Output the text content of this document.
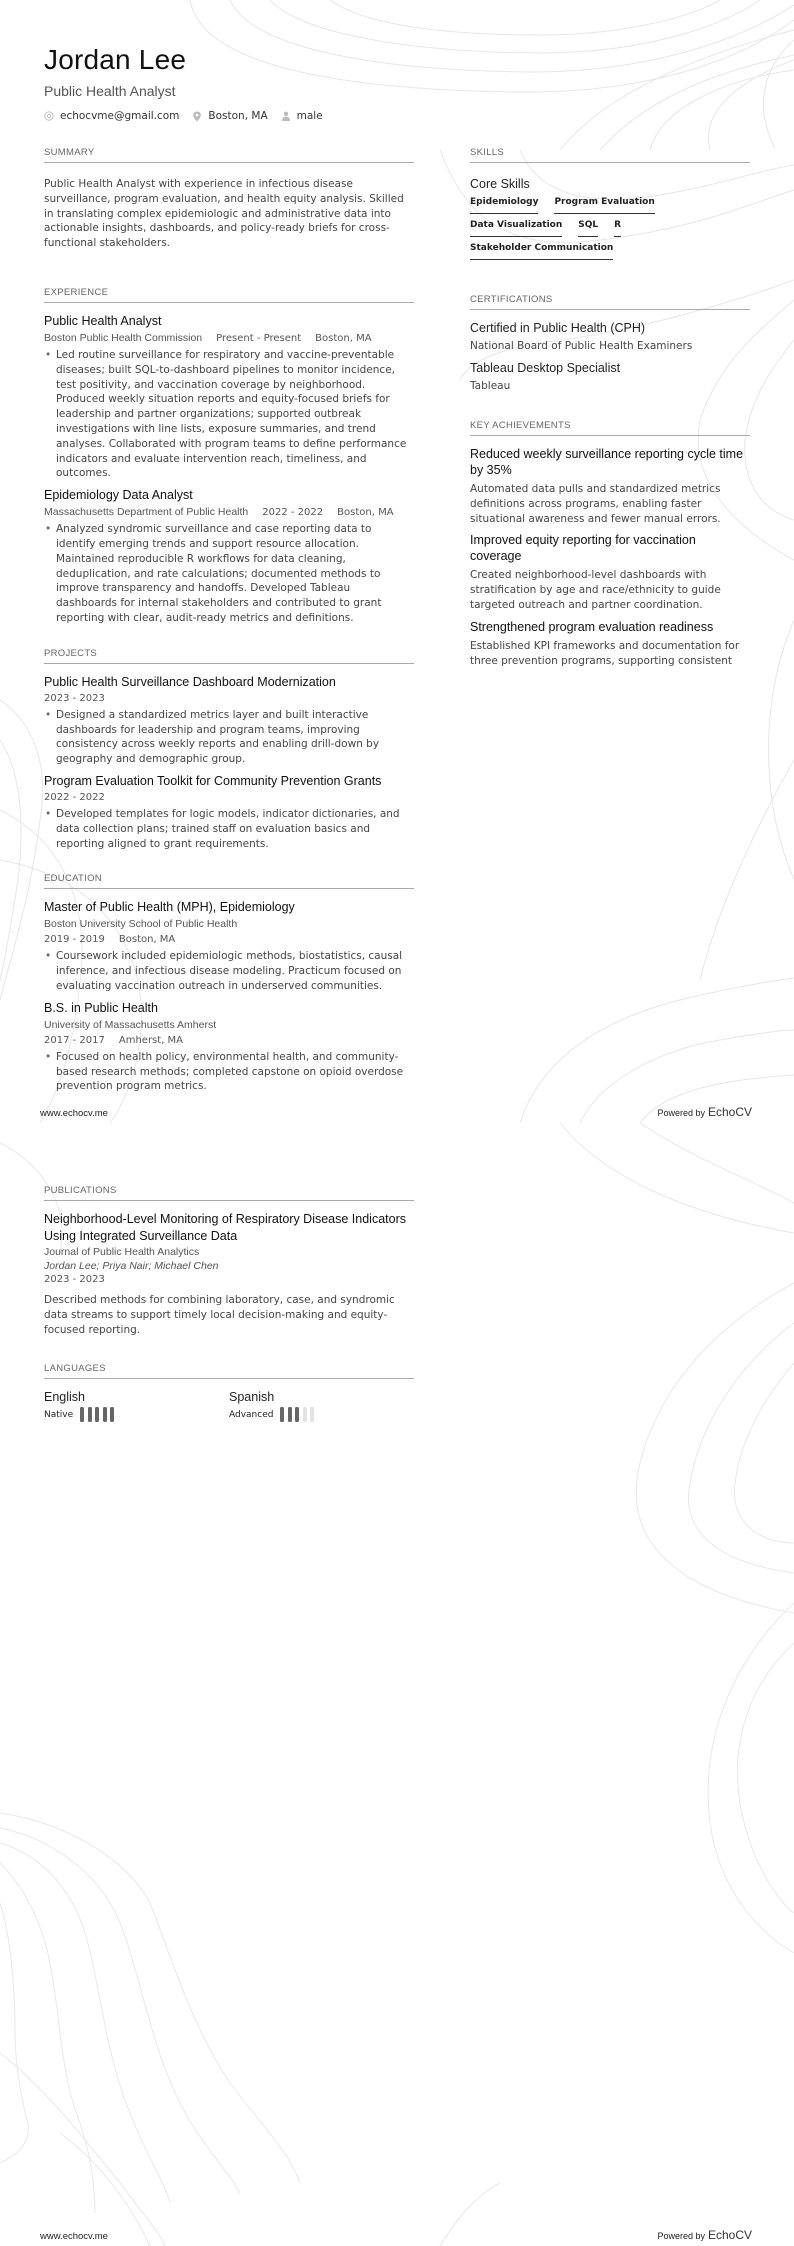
Jordan Lee
Public Health Analyst
echocvme@gmail.com	Boston, MA	male
SUMMARY

Public Health Analyst with experience in infectious disease surveillance, program evaluation, and health equity analysis. Skilled in translating complex epidemiologic and administrative data into actionable insights, dashboards, and policy-ready briefs for cross-functional stakeholders.

EXPERIENCE
Public Health Analyst
Boston Public Health Commission Present - Present Boston, MA
• Led routine surveillance for respiratory and vaccine-preventable diseases; built SQL-to-dashboard pipelines to monitor incidence, test positivity, and vaccination coverage by neighborhood. Produced weekly situation reports and equity-focused briefs for leadership and partner organizations; supported outbreak investigations with line lists, exposure summaries, and trend analyses. Collaborated with program teams to define performance indicators and evaluate intervention reach, timeliness, and outcomes.
Epidemiology Data Analyst
Massachusetts Department of Public Health 2022 - 2022 Boston, MA
• Analyzed syndromic surveillance and case reporting data to identify emerging trends and support resource allocation. Maintained reproducible R workflows for data cleaning, deduplication, and rate calculations; documented methods to improve transparency and handoffs. Developed Tableau dashboards for internal stakeholders and contributed to grant reporting with clear, audit-ready metrics and definitions.
PROJECTS
Public Health Surveillance Dashboard Modernization
2023 - 2023
• Designed a standardized metrics layer and built interactive dashboards for leadership and program teams, improving consistency across weekly reports and enabling drill-down by geography and demographic group.
Program Evaluation Toolkit for Community Prevention Grants
2022 - 2022
• Developed templates for logic models, indicator dictionaries, and data collection plans; trained staff on evaluation basics and reporting aligned to grant requirements.
EDUCATION
Master of Public Health (MPH), Epidemiology
Boston University School of Public Health
2019 - 2019 Boston, MA
• Coursework included epidemiologic methods, biostatistics, causal inference, and infectious disease modeling. Practicum focused on evaluating vaccination outreach in underserved communities.
B.S. in Public Health
University of Massachusetts Amherst
2017 - 2017 Amherst, MA
• Focused on health policy, environmental health, and community-based research methods; completed capstone on opioid overdose prevention program metrics.
SKILLS
Core Skills
Epidemiology Program Evaluation
Data Visualization SQL R
Stakeholder Communication
CERTIFICATIONS
Certified in Public Health (CPH)
National Board of Public Health Examiners
Tableau Desktop Specialist
Tableau
KEY ACHIEVEMENTS
Reduced weekly surveillance reporting cycle time by 35%
Automated data pulls and standardized metrics definitions across programs, enabling faster situational awareness and fewer manual errors.
Improved equity reporting for vaccination coverage
Created neighborhood-level dashboards with stratification by age and race/ethnicity to guide targeted outreach and partner coordination.
Strengthened program evaluation readiness
Established KPI frameworks and documentation for three prevention programs, supporting consistent
www.echocv.me	Powered by EchoCV
PUBLICATIONS
Neighborhood-Level Monitoring of Respiratory Disease Indicators Using Integrated Surveillance Data
Journal of Public Health Analytics
Jordan Lee; Priya Nair; Michael Chen
2023 - 2023
Described methods for combining laboratory, case, and syndromic data streams to support timely local decision-making and equity-focused reporting.
LANGUAGES
English
Native
Spanish
Advanced
www.echocv.me	Powered by EchoCV
